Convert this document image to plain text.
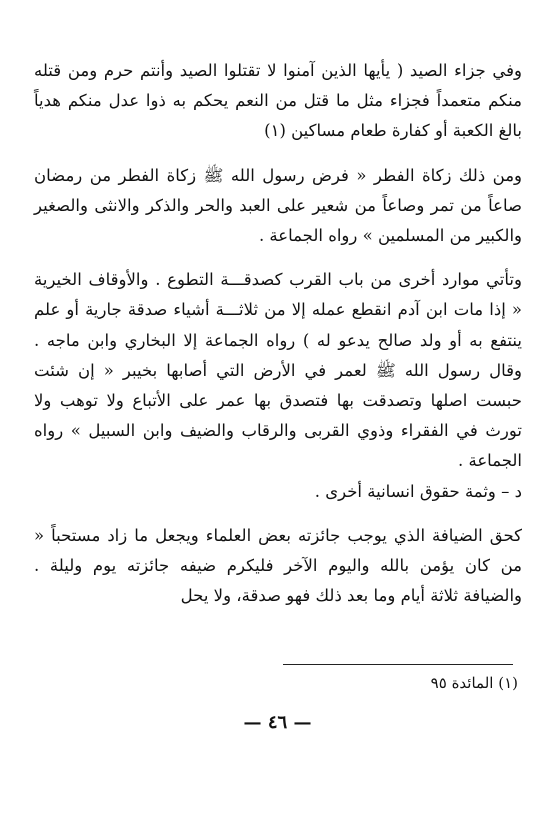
وفي جزاء الصيد ( يأيها الذين آمنوا لا تقتلوا الصيد وأنتم حرم ومن قتله منكم متعمداً فجزاء مثل ما قتل من النعم يحكم به ذوا عدل منكم هدياً بالغ الكعبة أو كفارة طعام مساكين (١)

ومن ذلك زكاة الفطر « فرض رسول الله ﷺ زكاة الفطر من رمضان صاعاً من تمر وصاعاً من شعير على العبد والحر والذكر والانثى والصغير والكبير من المسلمين » رواه الجماعة .

وتأتي موارد أخرى من باب القرب كصدقـــة التطوع . والأوقاف الخيرية « إذا مات ابن آدم انقطع عمله إلا من ثلاثـــة أشياء صدقة جارية أو علم ينتفع به أو ولد صالح يدعو له ) رواه الجماعة إلا البخاري وابن ماجه . وقال رسول الله ﷺ لعمر في الأرض التي أصابها بخيبر « إن شئت حبست اصلها وتصدقت بها فتصدق بها عمر على الأتباع ولا توهب ولا تورث في الفقراء وذوي القربى والرقاب والضيف وابن السبيل » رواه الجماعة .

د – وثمة حقوق انسانية أخرى .

كحق الضيافة الذي يوجب جائزته بعض العلماء ويجعل ما زاد مستحباً « من كان يؤمن بالله واليوم الآخر فليكرم ضيفه جائزته يوم وليلة . والضيافة ثلاثة أيام وما بعد ذلك فهو صدقة، ولا يحل

(١) المائدة ٩٥
— ٤٦ —
